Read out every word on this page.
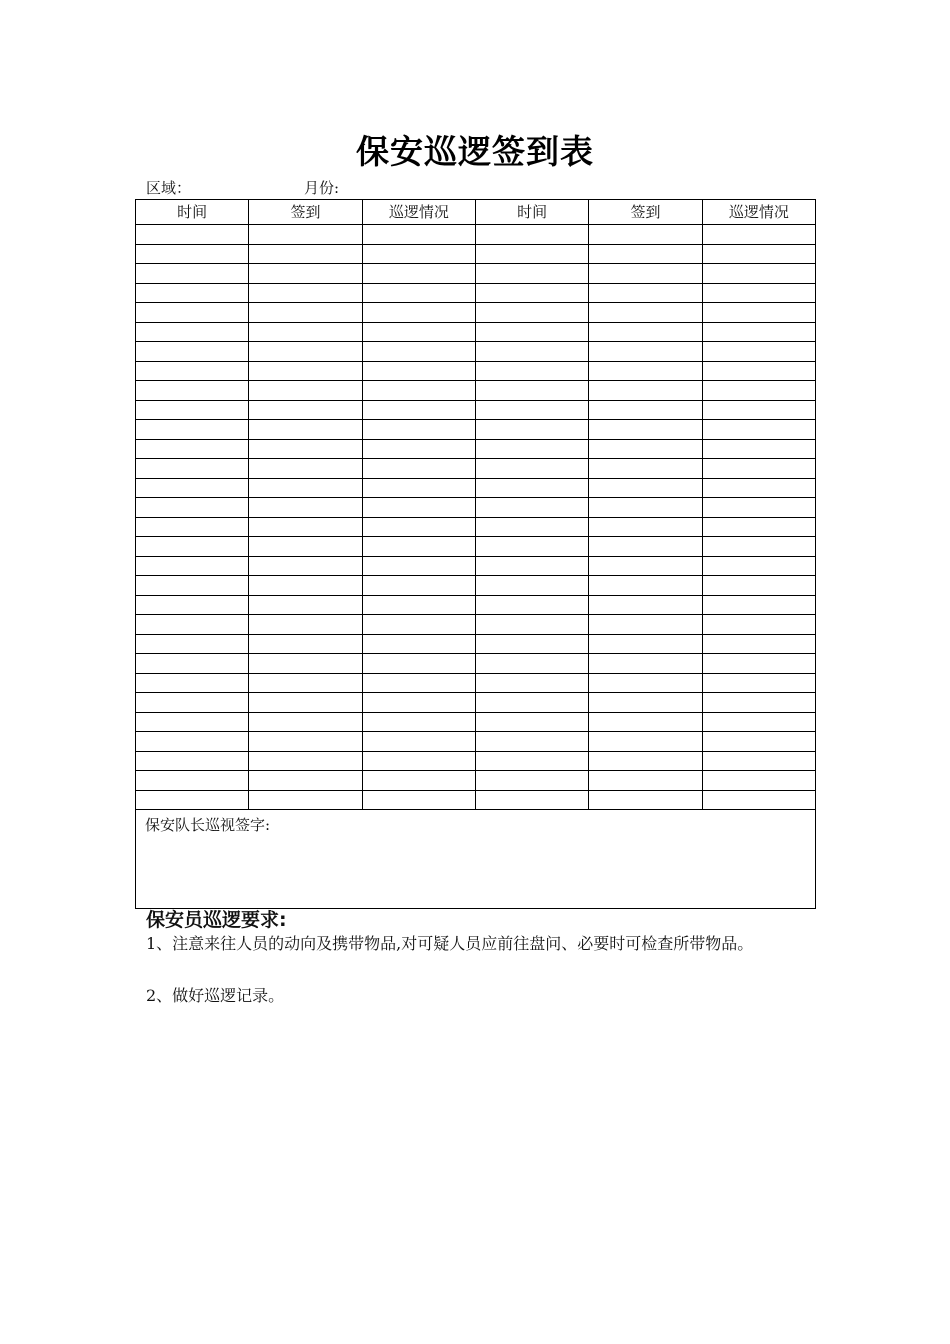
保安巡逻签到表
区域：	月份:
时间	签到	巡逻情况	时间	签到	巡逻情况

保安队长巡视签字:
保安员巡逻要求:
1、注意来往人员的动向及携带物品,对可疑人员应前往盘问、必要时可检查所带物品。
2、做好巡逻记录。
